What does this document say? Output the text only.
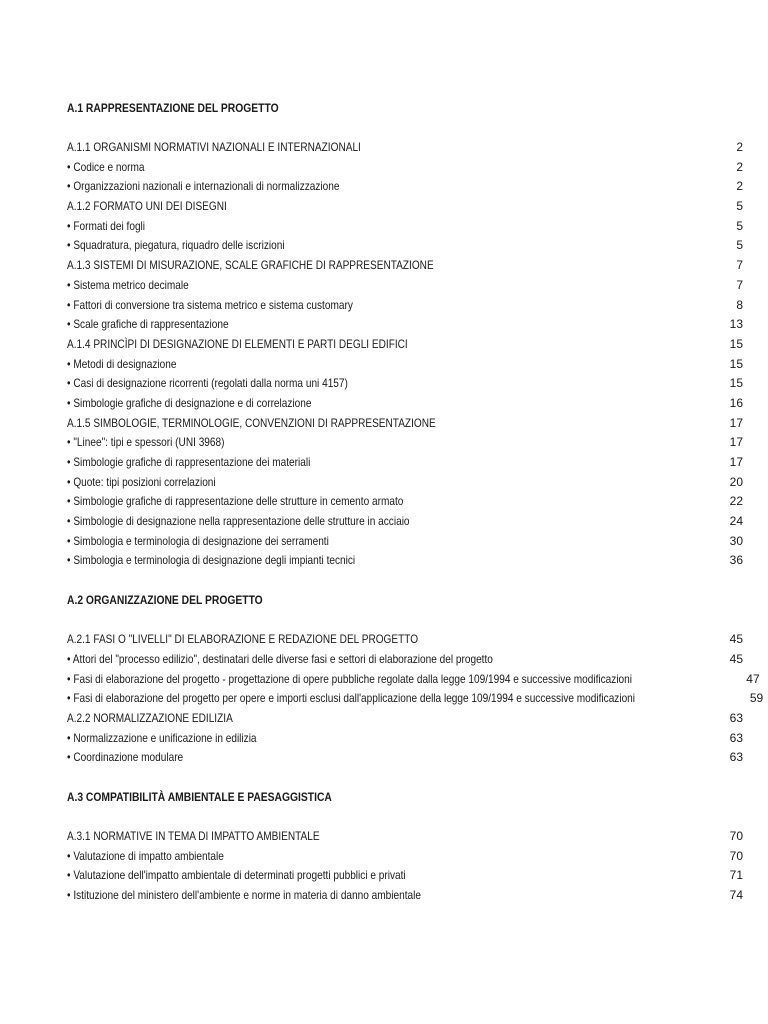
A.1 RAPPRESENTAZIONE DEL PROGETTO
A.1.1 ORGANISMI NORMATIVI NAZIONALI E INTERNAZIONALI	2
• Codice e norma	2
• Organizzazioni nazionali e internazionali di normalizzazione	2
A.1.2 FORMATO UNI DEI DISEGNI	5
• Formati dei fogli	5
• Squadratura, piegatura, riquadro delle iscrizioni	5
A.1.3 SISTEMI DI MISURAZIONE, SCALE GRAFICHE DI RAPPRESENTAZIONE	7
• Sistema metrico decimale	7
• Fattori di conversione tra sistema metrico e sistema customary	8
• Scale grafiche di rappresentazione	13
A.1.4 PRINCÌPI DI DESIGNAZIONE DI ELEMENTI E PARTI DEGLI EDIFICI	15
• Metodi di designazione	15
• Casi di designazione ricorrenti (regolati dalla norma uni 4157)	15
• Simbologie grafiche di designazione e di correlazione	16
A.1.5 SIMBOLOGIE, TERMINOLOGIE, CONVENZIONI DI RAPPRESENTAZIONE	17
• "Linee": tipi e spessori (UNI 3968)	17
• Simbologie grafiche di rappresentazione dei materiali	17
• Quote: tipi posizioni correlazioni	20
• Simbologie grafiche di rappresentazione delle strutture in cemento armato	22
• Simbologie di designazione nella rappresentazione delle strutture in acciaio	24
• Simbologia e terminologia di designazione dei serramenti	30
• Simbologia e terminologia di designazione degli impianti tecnici	36
A.2 ORGANIZZAZIONE DEL PROGETTO
A.2.1 FASI O "LIVELLI" DI ELABORAZIONE E REDAZIONE DEL PROGETTO	45
• Attori del "processo edilizio", destinatari delle diverse fasi e settori di elaborazione del progetto	45
• Fasi di elaborazione del progetto - progettazione di opere pubbliche regolate dalla legge 109/1994 e successive modificazioni	47
• Fasi di elaborazione del progetto per opere e importi esclusi dall'applicazione della legge 109/1994 e successive modificazioni	59
A.2.2 NORMALIZZAZIONE EDILIZIA	63
• Normalizzazione e unificazione in edilizia	63
• Coordinazione modulare	63
A.3 COMPATIBILITÀ AMBIENTALE E PAESAGGISTICA
A.3.1 NORMATIVE IN TEMA DI IMPATTO AMBIENTALE	70
• Valutazione di impatto ambientale	70
• Valutazione dell'impatto ambientale di determinati progetti pubblici e privati	71
• Istituzione del ministero dell'ambiente e norme in materia di danno ambientale	74
